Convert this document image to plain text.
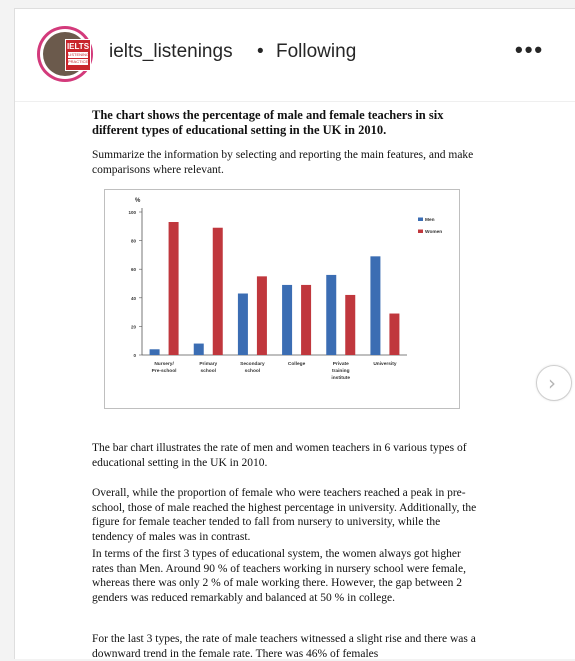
IELTS
LISTENING
PRACTICE ielts_listenings • Following	•••
The chart shows the percentage of male and female teachers in six different types of educational setting in the UK in 2010.
Summarize the information by selecting and reporting the main features, and make comparisons where relevant.
%
0
20
40
60
80
100
Nursery/
Pre-school
Primary
school
Secondary
school
College	Private
training
institute
University
Men
Women
The bar chart illustrates the rate of men and women teachers in 6 various types of educational setting in the UK in 2010.
Overall, while the proportion of female who were teachers reached a peak in pre-school, those of male reached the highest percentage in university. Additionally, the figure for female teacher tended to fall from nursery to university, while the tendency of males was in contrast.
In terms of the first 3 types of educational system, the women always got higher rates than Men. Around 90 % of teachers working in nursery school were female, whereas there was only 2 % of male working there. However, the gap between 2 genders was reduced remarkably and balanced at 50 % in college.
For the last 3 types, the rate of male teachers witnessed a slight rise and there was a downward trend in the female rate. There was 46% of females
›
